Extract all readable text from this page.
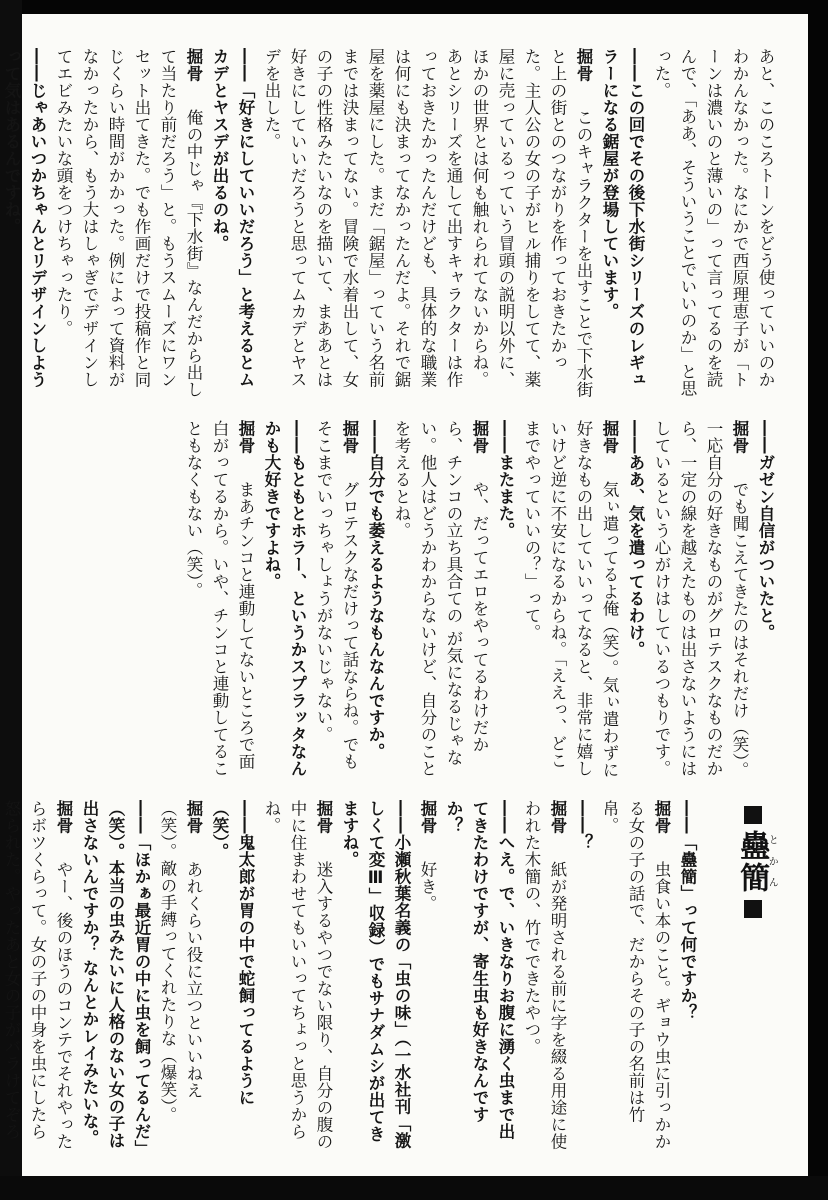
あと、このころトーンをどう使っていいのかわかんなかった。なにかで西原理恵子が「トーンは濃いのと薄いの」って言ってるのを読んで、「ああ、そういうことでいいのか」と思った。
――この回でその後下水街シリーズのレギュラーになる鋸屋が登場しています。
掘骨　このキャラクターを出すことで下水街と上の街とのつながりを作っておきたかった。主人公の女の子がヒル捕りをしてて、薬屋に売っているっていう冒頭の説明以外に、ほかの世界とは何も触れられてないからね。あとシリーズを通して出すキャラクターは作っておきたかったんだけども、具体的な職業は何にも決まってなかったんだよ。それで鋸屋を薬屋にした。まだ「鋸屋」っていう名前までは決まってない。冒険で水着出して、女の子の性格みたいなのを描いて、まああとは好きにしていいだろうと思ってムカデとヤスデを出した。
――「好きにしていいだろう」と考えるとムカデとヤスデが出るのね。
掘骨　俺の中じゃ『下水街』なんだから出して当たり前だろう」と。もうスムーズにワンセット出てきた。でも作画だけで投稿作と同じくらい時間がかかった。例によって資料がなかったから、もう大はしゃぎでデザインしてエビみたいな頭をつけちゃったり。
――じゃあいつかちゃんとリデザインしようって気はあるんですね。
――ガゼン自信がついたと。
掘骨　でも聞こえてきたのはそれだけ（笑）。一応自分の好きなものがグロテスクなものだから、一定の線を越えたものは出さないようにはしているという心がけはしているつもりです。
――ああ、気を遣ってるわけ。
掘骨　気ぃ遣ってるよ俺（笑）。気ぃ遣わずに好きなもの出していいってなると、非常に嬉しいけど逆に不安になるからね。「ええっ、どこまでやっていいの？」って。
――またまた。
掘骨　や、だってエロをやってるわけだから、チンコの立ち具合ての が気になるじゃない。他人はどうかわからないけど、自分のことを考えるとね。
――自分でも萎えるようなもんなんですか。
掘骨　グロテスクなだけって話ならね。でもそこまでいっちゃしょうがないじゃない。
――もともとホラー、というかスプラッタなんかも大好きですよね。
掘骨　まあチンコと連動してないところで面白がってるから。いや、チンコと連動してることもなくもない（笑）。
蠱簡とかん
――「蠱簡」って何ですか？
掘骨　虫食い本のこと。ギョウ虫に引っかかる女の子の話で、だからその子の名前は竹帛。
――？
掘骨　紙が発明される前に字を綴る用途に使われた木簡の、竹でできたやつ。
――へえ。で、いきなりお腹に湧く虫まで出てきたわけですが、寄生虫も好きなんですか？
掘骨　好き。
――小瀬秋葉名義の「虫の味」（一水社刊「激しくて変Ⅲ」収録）でもサナダムシが出てきますね。
掘骨　迷入するやつでない限り、自分の腹の中に住まわせてもいいってちょっと思うからね。
――鬼太郎が胃の中で蛇飼ってるように（笑）。
掘骨　あれくらい役に立つといいねえ（笑）。敵の手縛ってくれたりな（爆笑）。
――「ほかぁ最近胃の中に虫を飼ってるんだ」（笑）。本当の虫みたいに人格のない女の子は出さないんですか？ なんとかレイみたいな。
掘骨　やー、後のほうのコンテでそれやったらボツくらって。女の子の中身を虫にしたら怒られた。やったあと女の子がバラけてぞろ
